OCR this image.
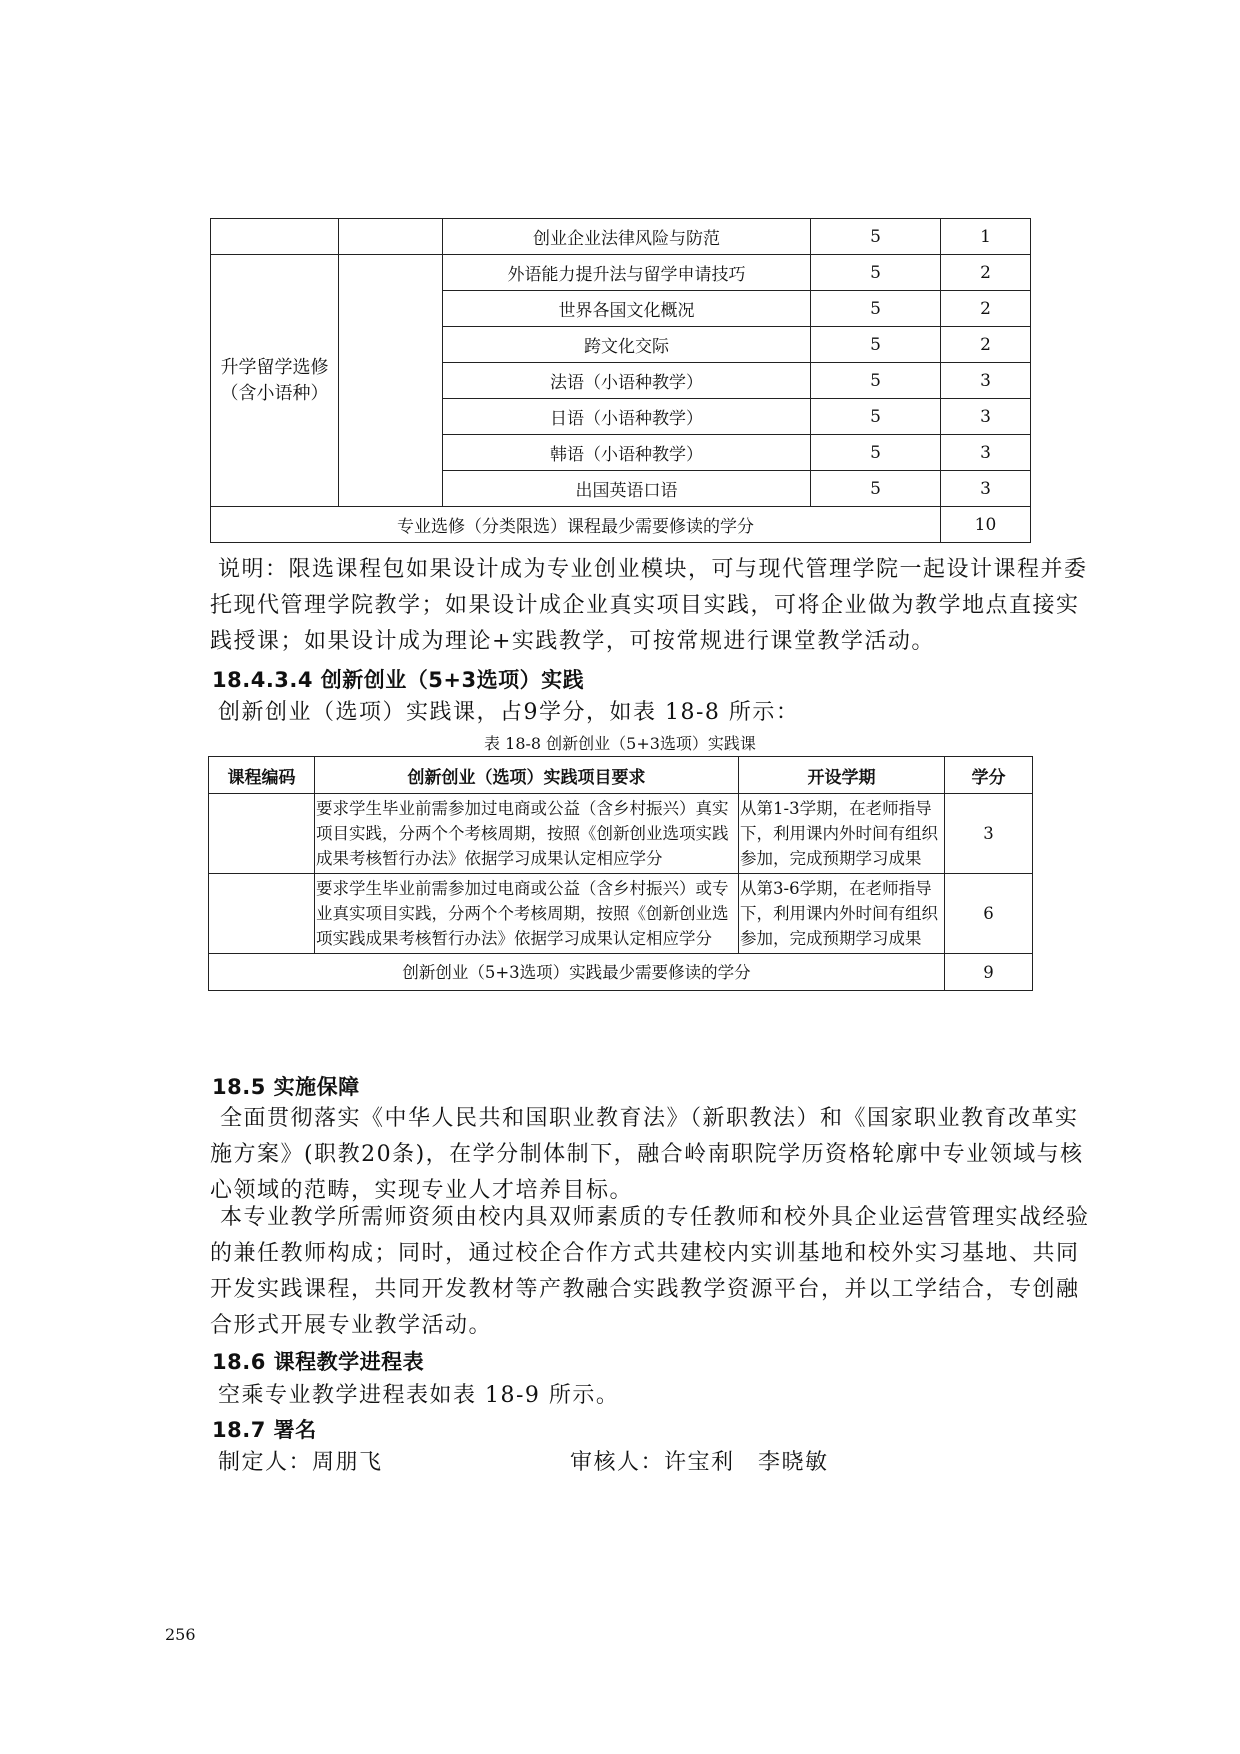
		创业企业法律风险与防范	5	1
升学留学选修（含小语种）		外语能力提升法与留学申请技巧	5	2
		世界各国文化概况	5	2
		跨文化交际	5	2
		法语（小语种教学）	5	3
		日语（小语种教学）	5	3
		韩语（小语种教学）	5	3
		出国英语口语	5	3
专业选修（分类限选）课程最少需要修读的学分				10

说明：限选课程包如果设计成为专业创业模块，可与现代管理学院一起设计课程并委托现代管理学院教学；如果设计成企业真实项目实践，可将企业做为教学地点直接实践授课；如果设计成为理论+实践教学，可按常规进行课堂教学活动。

18.4.3.4 创新创业（5+3选项）实践

创新创业（选项）实践课，占9学分，如表 18-8 所示：

表 18-8 创新创业（5+3选项）实践课

课程编码	创新创业（选项）实践项目要求	开设学期	学分
	要求学生毕业前需参加过电商或公益（含乡村振兴）真实项目实践，分两个个考核周期，按照《创新创业选项实践成果考核暂行办法》依据学习成果认定相应学分	从第1-3学期，在老师指导下，利用课内外时间有组织参加，完成预期学习成果	3
	要求学生毕业前需参加过电商或公益（含乡村振兴）或专业真实项目实践，分两个个考核周期，按照《创新创业选项实践成果考核暂行办法》依据学习成果认定相应学分	从第3-6学期，在老师指导下，利用课内外时间有组织参加，完成预期学习成果	6
创新创业（5+3选项）实践最少需要修读的学分			9

18.5 实施保障

全面贯彻落实《中华人民共和国职业教育法》（新职教法）和《国家职业教育改革实施方案》(职教20条)，在学分制体制下，融合岭南职院学历资格轮廓中专业领域与核心领域的范畴，实现专业人才培养目标。

本专业教学所需师资须由校内具双师素质的专任教师和校外具企业运营管理实战经验的兼任教师构成；同时，通过校企合作方式共建校内实训基地和校外实习基地、共同开发实践课程，共同开发教材等产教融合实践教学资源平台，并以工学结合，专创融合形式开展专业教学活动。

18.6 课程教学进程表

空乘专业教学进程表如表 18-9 所示。

18.7 署名

制定人：周朋飞	审核人：许宝利　李晓敏

256
